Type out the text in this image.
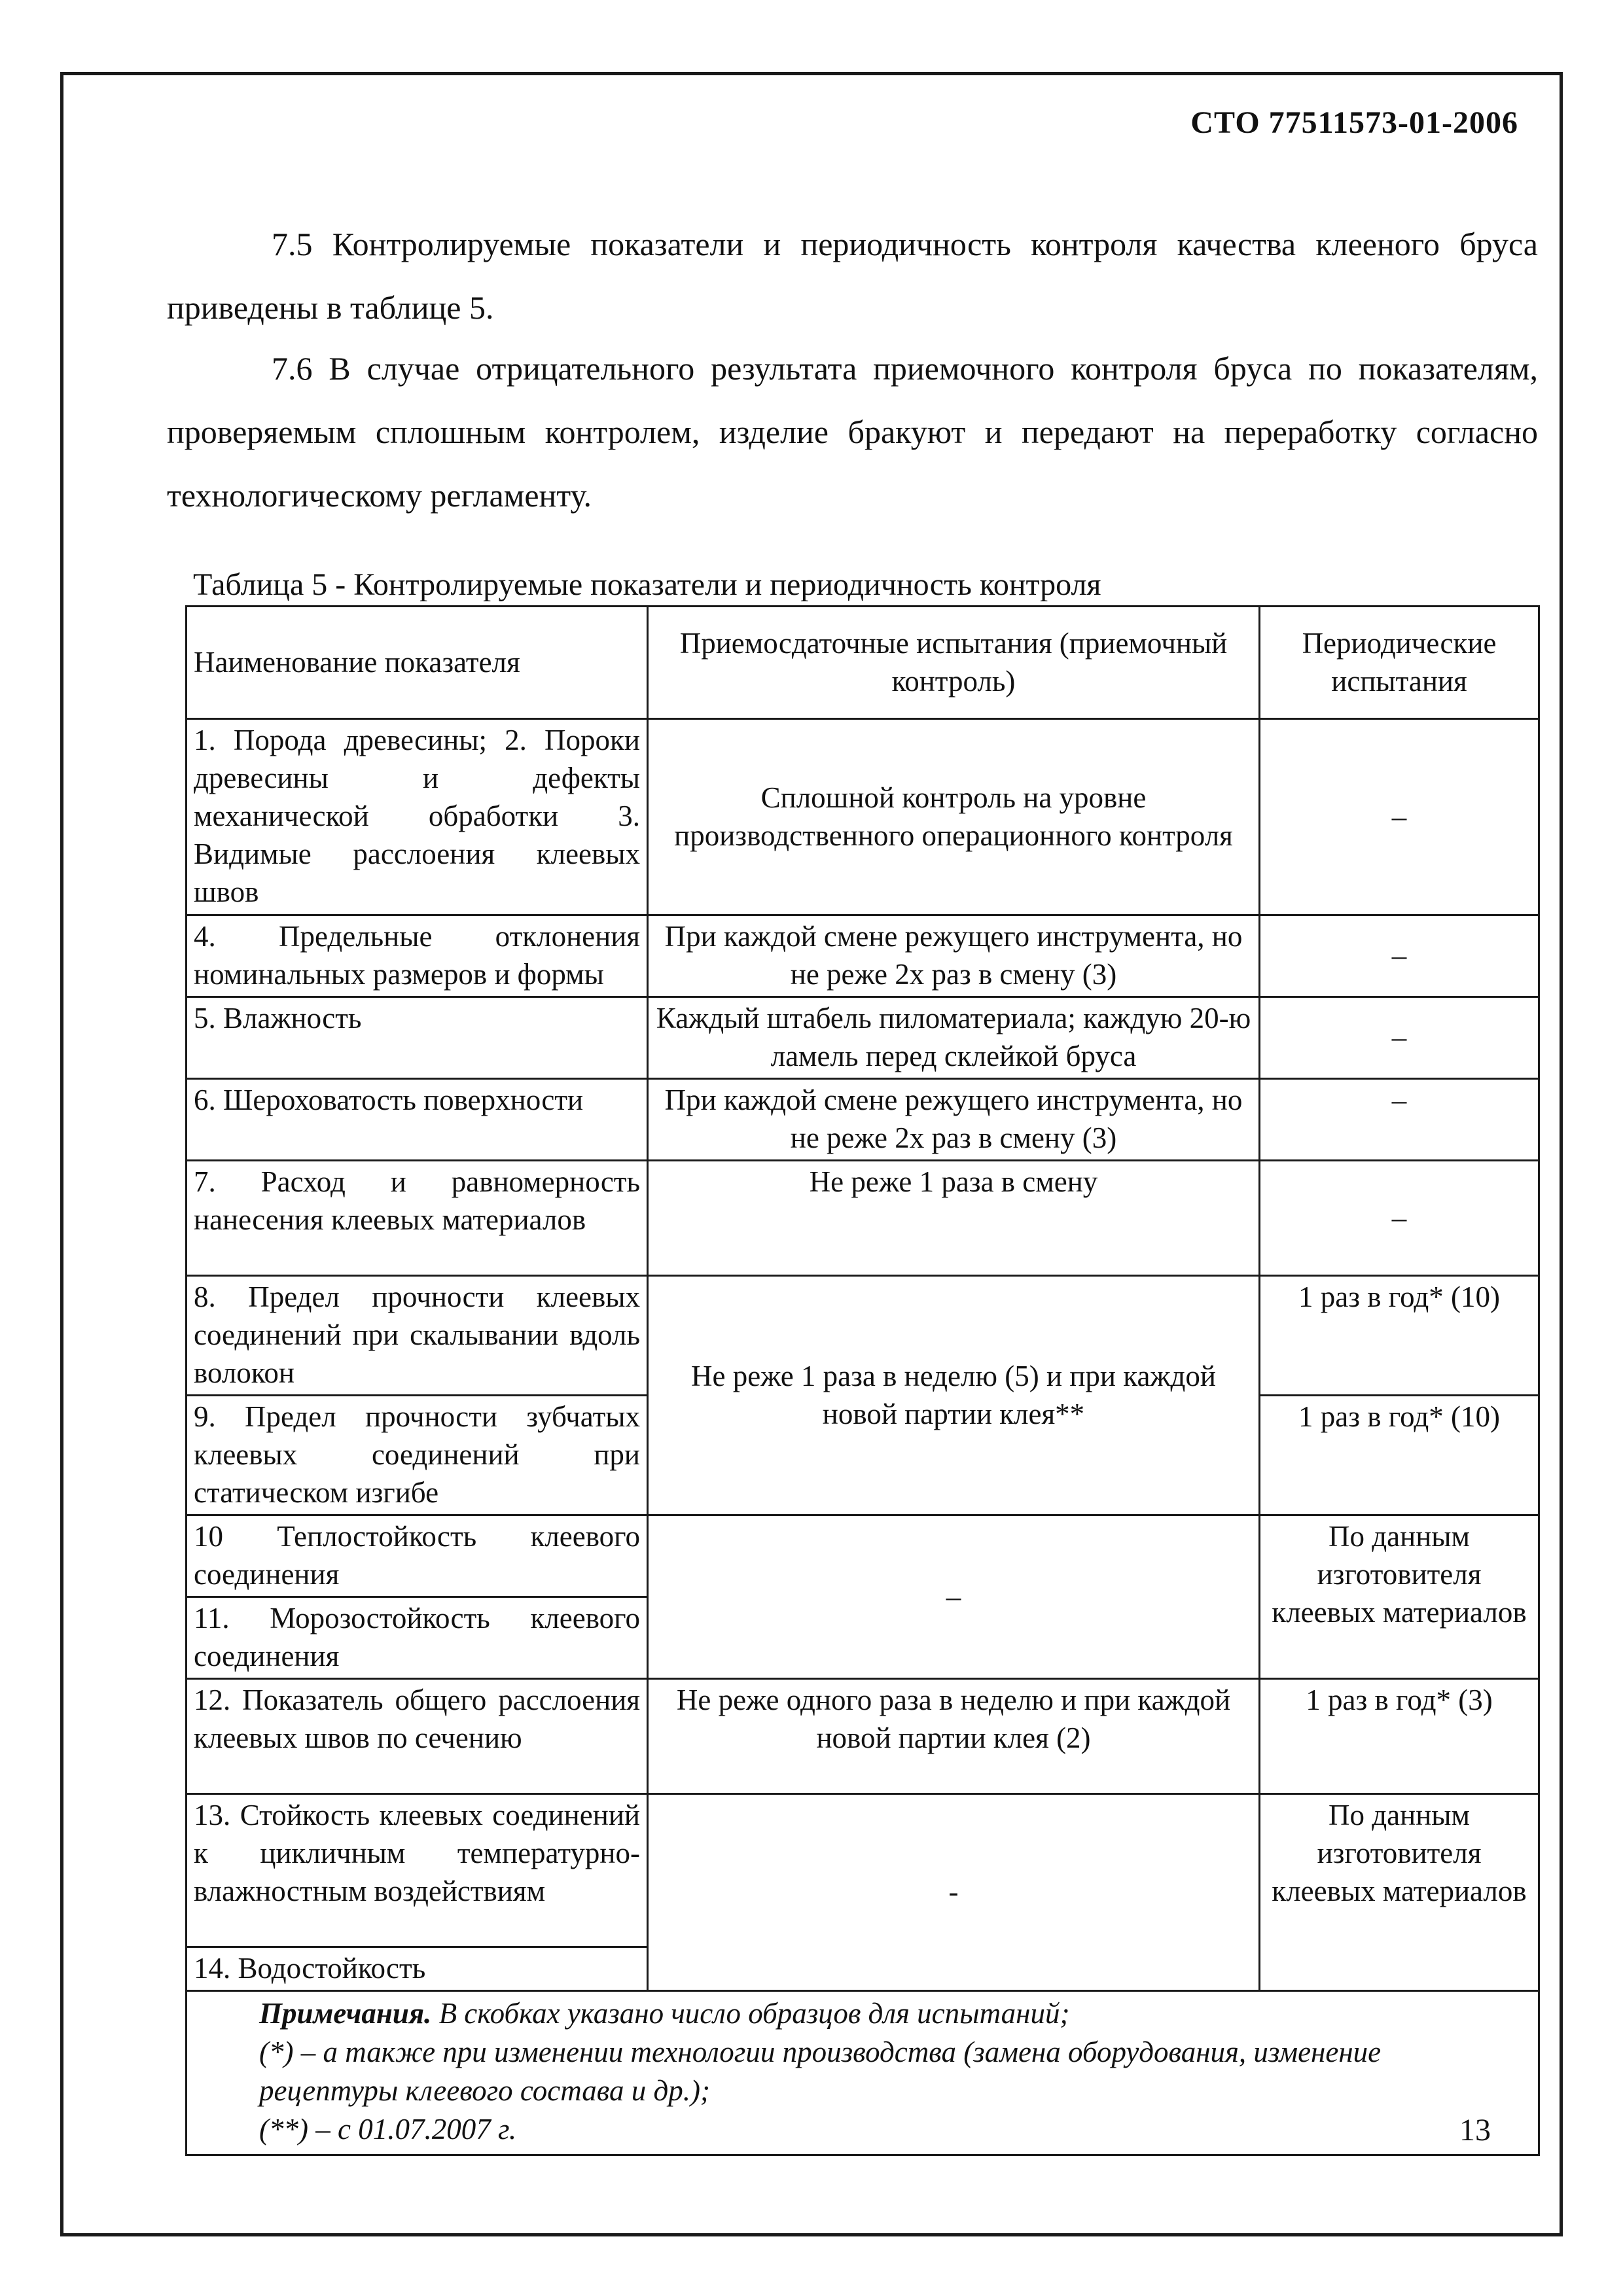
СТО 77511573-01-2006

7.5 Контролируемые показатели и периодичность контроля качества клееного бруса приведены в таблице 5.

7.6 В случае отрицательного результата приемочного контроля бруса по показателям, проверяемым сплошным контролем, изделие бракуют и передают на переработку согласно технологическому регламенту.

Таблица 5 - Контролируемые показатели и периодичность контроля
Наименование показателя	Приемосдаточные испытания (приемочный контроль)	Периодические испытания
1. Порода древесины; 2. Пороки древесины и дефекты механической обработки 3. Видимые расслоения клеевых швов	Сплошной контроль на уровне производственного операционного контроля	–
4. Предельные отклонения номинальных размеров и формы	При каждой смене режущего инструмента, но не реже 2х раз в смену (3)	–
5. Влажность	Каждый штабель пиломатериала; каждую 20-ю ламель перед склейкой бруса	–
6. Шероховатость поверхности	При каждой смене режущего инструмента, но не реже 2х раз в смену (3)	–
7. Расход и равномерность нанесения клеевых материалов	Не реже 1 раза в смену	–
8. Предел прочности клеевых соединений при скалывании вдоль волокон	Не реже 1 раза в неделю (5) и при каждой новой партии клея**	1 раз в год* (10)
9. Предел прочности зубчатых клеевых соединений при статическом изгибе		1 раз в год* (10)
10 Теплостойкость клеевого соединения	–	По данным изготовителя клеевых материалов
11. Морозостойкость клеевого соединения		
12. Показатель общего расслоения клеевых швов по сечению	Не реже одного раза в неделю и при каждой новой партии клея (2)	1 раз в год* (3)
13. Стойкость клеевых соединений к цикличным температурно-влажностным воздействиям	-	По данным изготовителя клеевых материалов
14. Водостойкость		

Примечания. В скобках указано число образцов для испытаний;
(*) – а также при изменении технологии производства (замена оборудования, изменение рецептуры клеевого состава и др.);
(**) – с 01.07.2007 г.			13
